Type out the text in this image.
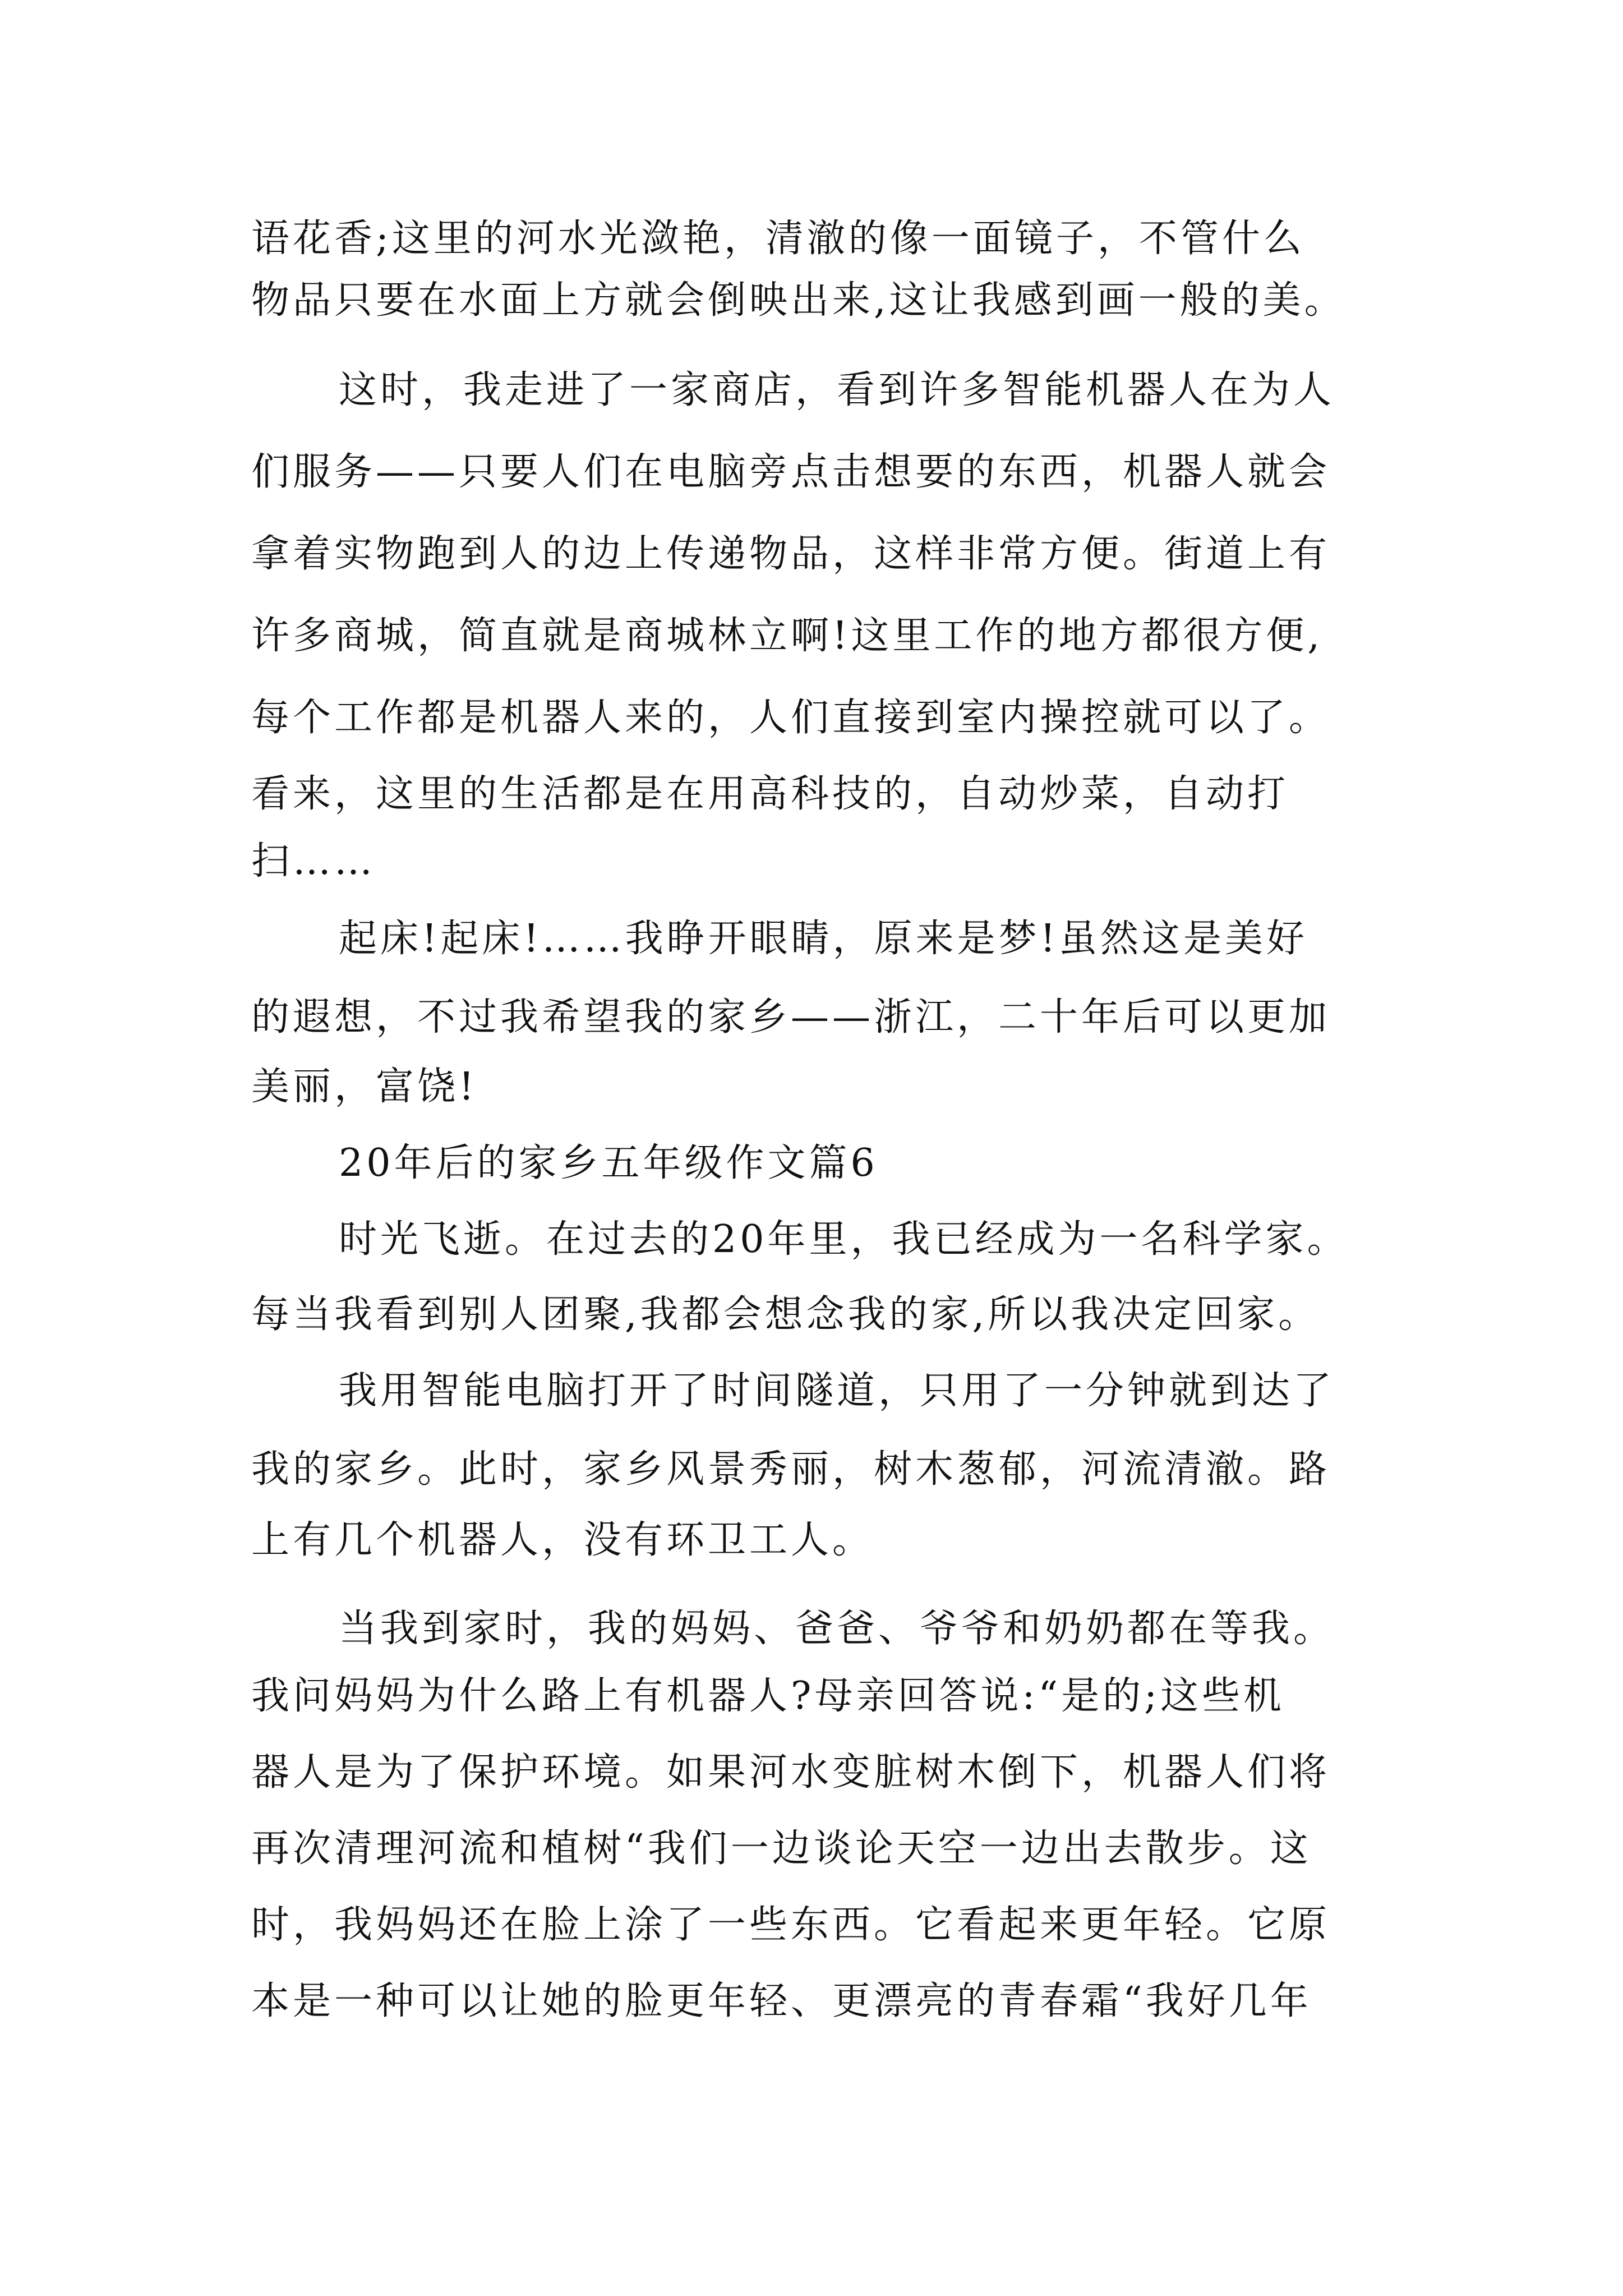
语花香;这里的河水光潋艳，清澈的像一面镜子，不管什么
物品只要在水面上方就会倒映出来,这让我感到画一般的美。
这时，我走进了一家商店，看到许多智能机器人在为人
们服务——只要人们在电脑旁点击想要的东西，机器人就会
拿着实物跑到人的边上传递物品，这样非常方便。街道上有
许多商城，简直就是商城林立啊!这里工作的地方都很方便,
每个工作都是机器人来的，人们直接到室内操控就可以了。
看来，这里的生活都是在用高科技的，自动炒菜，自动打
扫……
起床!起床!……我睁开眼睛，原来是梦!虽然这是美好
的遐想，不过我希望我的家乡——浙江，二十年后可以更加
美丽，富饶!
20年后的家乡五年级作文篇6
时光飞逝。在过去的20年里，我已经成为一名科学家。
每当我看到别人团聚,我都会想念我的家,所以我决定回家。
我用智能电脑打开了时间隧道，只用了一分钟就到达了
我的家乡。此时，家乡风景秀丽，树木葱郁，河流清澈。路
上有几个机器人，没有环卫工人。
当我到家时，我的妈妈、爸爸、爷爷和奶奶都在等我。
我问妈妈为什么路上有机器人?母亲回答说:“是的;这些机
器人是为了保护环境。如果河水变脏树木倒下，机器人们将
再次清理河流和植树“我们一边谈论天空一边出去散步。这
时，我妈妈还在脸上涂了一些东西。它看起来更年轻。它原
本是一种可以让她的脸更年轻、更漂亮的青春霜“我好几年
